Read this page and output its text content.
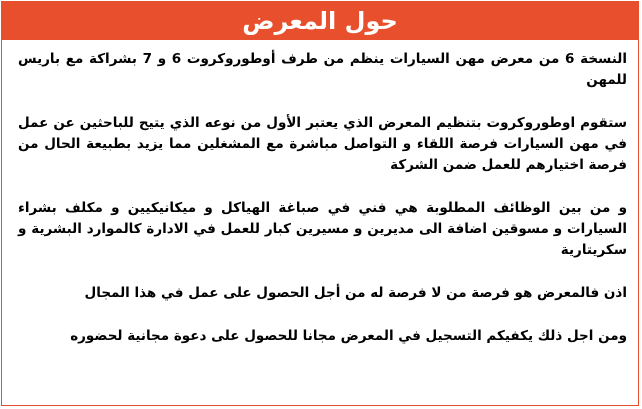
حول المعرض

النسخة 6 من معرض مهن السيارات ينظم من طرف أوطوروكروت 6 و 7 بشراكة مع باريس للمهن

ستقوم اوطوروكروت بتنظيم المعرض الذي يعتبر الأول من نوعه الذي يتيح للباحثين عن عمل في مهن السيارات فرصة اللقاء و التواصل مباشرة مع المشغلين مما يزيد بطبيعة الحال من فرصة اختيارهم للعمل ضمن الشركة

و من بين الوظائف المطلوبة هي فني في صباغة الهياكل و ميكانيكيين و مكلف بشراء السيارات و مسوقين اضافة الى مديرين و مسيرين كبار للعمل في الادارة كالموارد البشرية و سكريتارية

اذن فالمعرض هو فرصة من لا فرصة له من أجل الحصول على عمل في هذا المجال

ومن اجل ذلك يكفيكم التسجيل في المعرض مجانا للحصول على دعوة مجانية لحضوره
